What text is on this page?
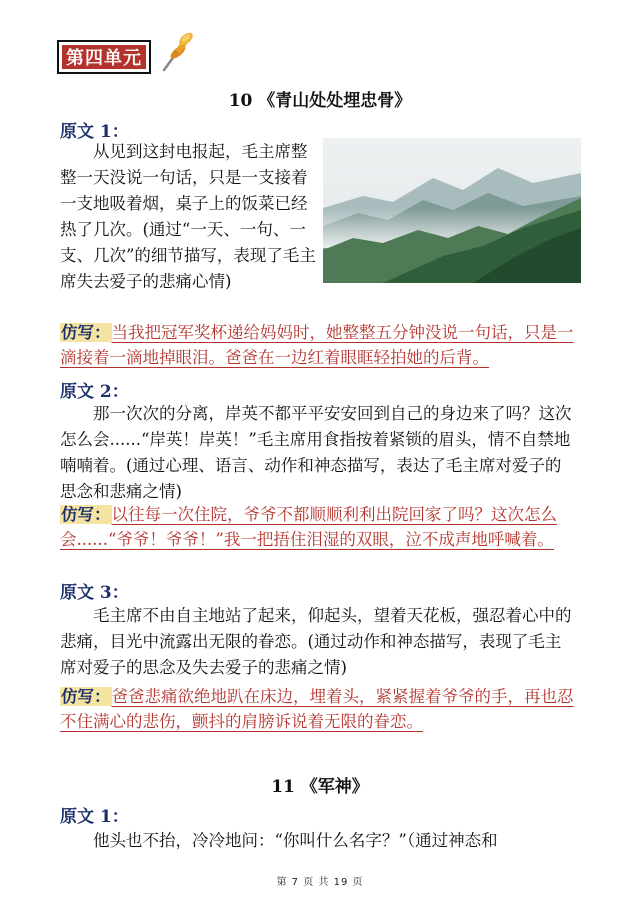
第四单元
10 《青山处处埋忠骨》
原文 1：

从见到这封电报起，毛主席整整一天没说一句话，只是一支接着一支地吸着烟，桌子上的饭菜已经热了几次。(通过“一天、一句、一支、几次”的细节描写，表现了毛主席失去爱子的悲痛心情)

仿写：当我把冠军奖杯递给妈妈时，她整整五分钟没说一句话，只是一滴接着一滴地掉眼泪。爸爸在一边红着眼眶轻拍她的后背。

原文 2：

那一次次的分离，岸英不都平平安安回到自己的身边来了吗？这次怎么会......“岸英！岸英！”毛主席用食指按着紧锁的眉头，情不自禁地喃喃着。(通过心理、语言、动作和神态描写，表达了毛主席对爱子的思念和悲痛之情)

仿写：以往每一次住院，爷爷不都顺顺利利出院回家了吗？这次怎么会......“爷爷！爷爷！”我一把捂住泪湿的双眼，泣不成声地呼喊着。

原文 3：

毛主席不由自主地站了起来，仰起头，望着天花板，强忍着心中的悲痛，目光中流露出无限的眷恋。(通过动作和神态描写，表现了毛主席对爱子的思念及失去爱子的悲痛之情)

仿写：爸爸悲痛欲绝地趴在床边，埋着头，紧紧握着爷爷的手，再也忍不住满心的悲伤，颤抖的肩膀诉说着无限的眷恋。

11 《军神》
原文 1：

他头也不抬，冷冷地问：“你叫什么名字？”（通过神态和

第 7 页 共 19 页
